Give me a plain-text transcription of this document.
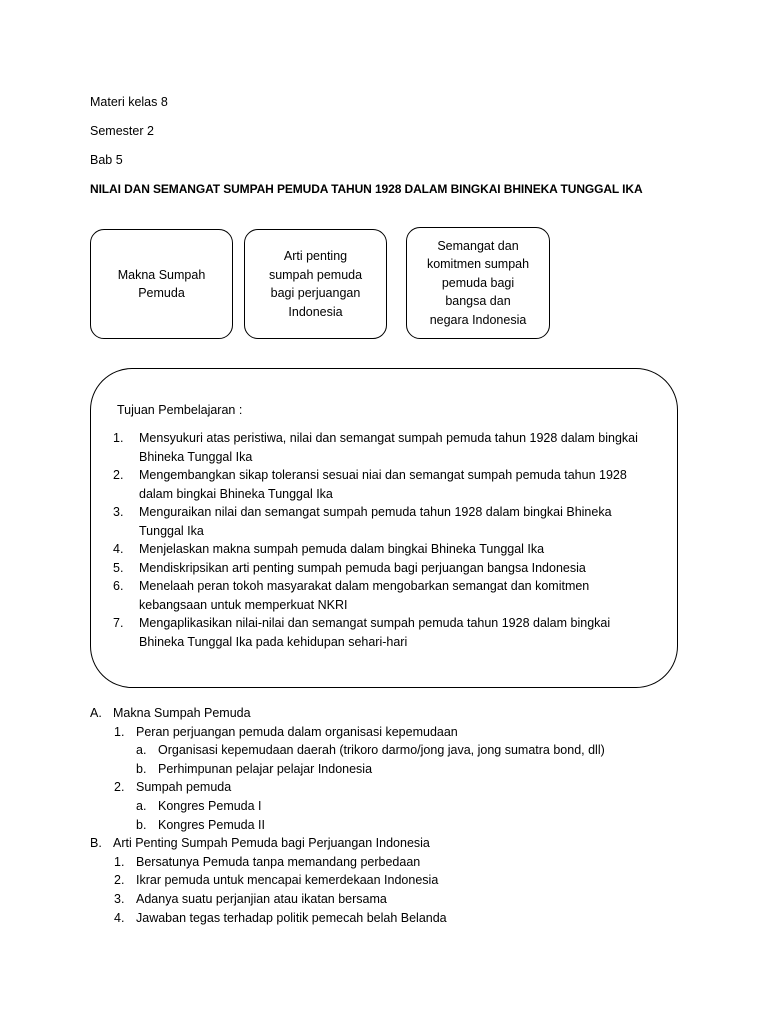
Materi kelas 8
Semester 2
Bab 5
NILAI DAN SEMANGAT SUMPAH PEMUDA TAHUN 1928 DALAM BINGKAI BHINEKA TUNGGAL IKA
Makna Sumpah Pemuda
Arti penting sumpah pemuda bagi perjuangan Indonesia
Semangat dan komitmen sumpah pemuda bagi bangsa dan negara Indonesia
Tujuan Pembelajaran :
1.	Mensyukuri atas peristiwa, nilai dan semangat sumpah pemuda tahun 1928 dalam bingkai Bhineka Tunggal Ika
2.	Mengembangkan sikap toleransi sesuai niai dan semangat sumpah pemuda tahun 1928 dalam bingkai Bhineka Tunggal Ika
3.	Menguraikan nilai dan semangat sumpah pemuda tahun 1928 dalam bingkai Bhineka Tunggal Ika
4.	Menjelaskan makna sumpah pemuda dalam bingkai Bhineka Tunggal Ika
5.	Mendiskripsikan arti penting sumpah pemuda bagi perjuangan bangsa Indonesia
6.	Menelaah peran tokoh masyarakat dalam mengobarkan semangat dan komitmen kebangsaan untuk memperkuat NKRI
7.	Mengaplikasikan nilai-nilai dan semangat sumpah pemuda tahun 1928 dalam bingkai Bhineka Tunggal Ika pada kehidupan sehari-hari
A. Makna Sumpah Pemuda
1. Peran perjuangan pemuda dalam organisasi kepemudaan
a. Organisasi kepemudaan daerah (trikoro darmo/jong java, jong sumatra bond, dll)
b. Perhimpunan pelajar pelajar Indonesia
2. Sumpah pemuda
a. Kongres Pemuda I
b. Kongres Pemuda II
B. Arti Penting Sumpah Pemuda bagi Perjuangan Indonesia
1. Bersatunya Pemuda tanpa memandang perbedaan
2. Ikrar pemuda untuk mencapai kemerdekaan Indonesia
3. Adanya suatu perjanjian atau ikatan bersama
4. Jawaban tegas terhadap politik pemecah belah Belanda
